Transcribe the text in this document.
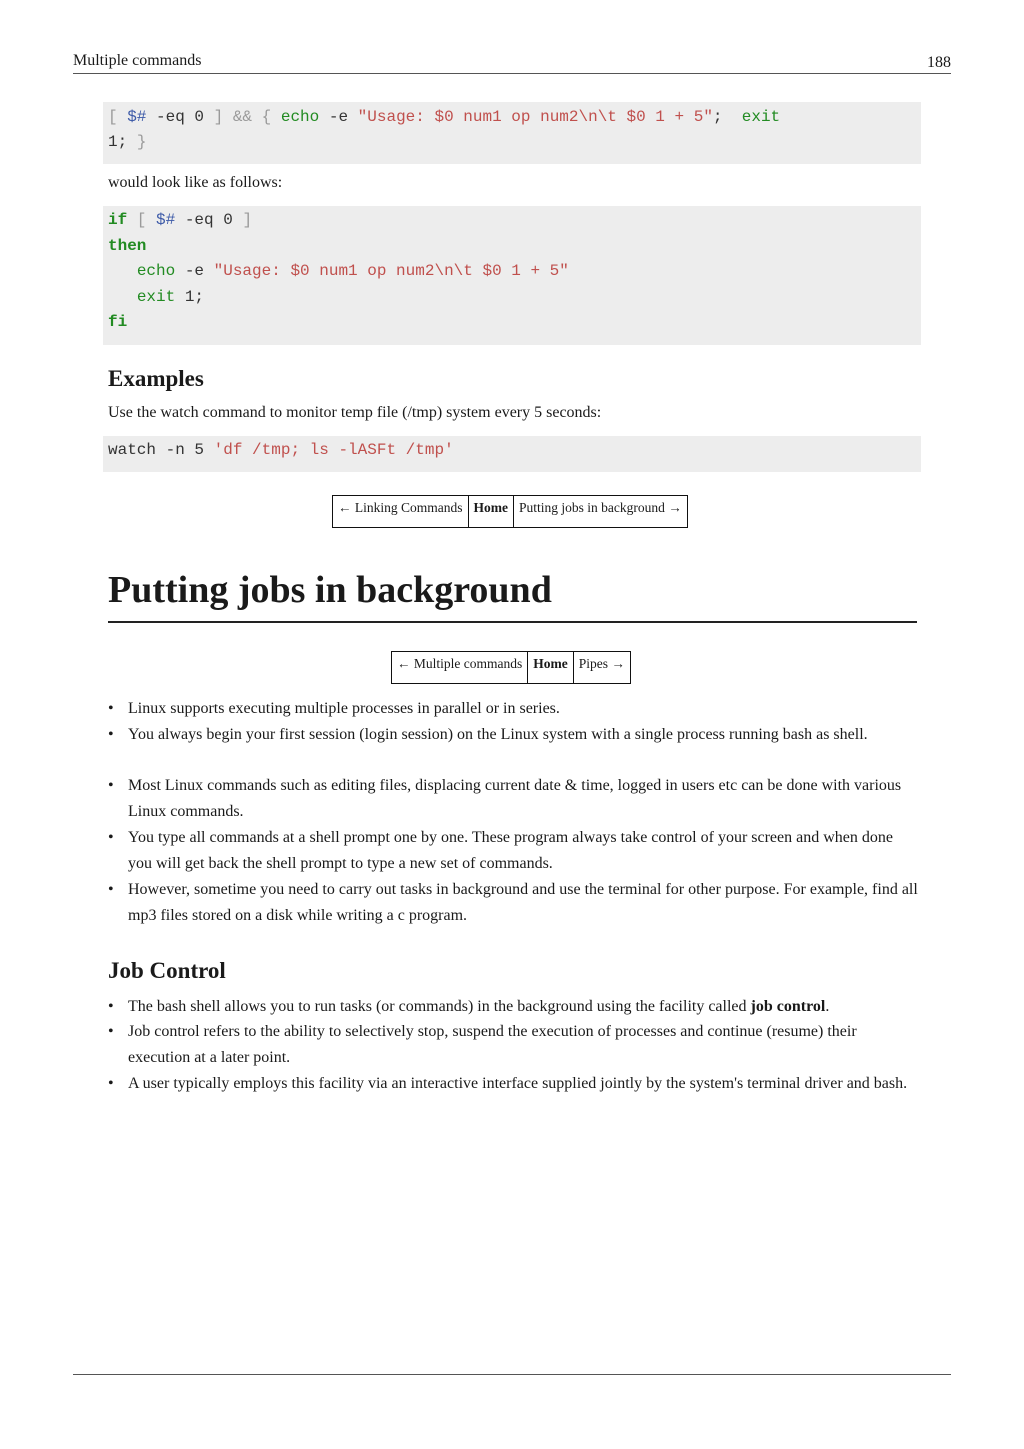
Multiple commands	188
[ $# -eq 0 ] && { echo -e "Usage: $0 num1 op num2\n\t $0 1 + 5";  exit
1; }
would look like as follows:
if [ $# -eq 0 ]
then
echo -e "Usage: $0 num1 op num2\n\t $0 1 + 5"
exit 1;
fi
Examples
Use the watch command to monitor temp file (/tmp) system every 5 seconds:
watch -n 5 'df /tmp; ls -lASFt /tmp'
← Linking Commands Home Putting jobs in background →
Putting jobs in background
← Multiple commands Home Pipes →
• Linux supports executing multiple processes in parallel or in series.
• You always begin your first session (login session) on the Linux system with a single process running bash as shell.
• Most Linux commands such as editing files, displacing current date & time, logged in users etc can be done with various Linux commands.
• You type all commands at a shell prompt one by one. These program always take control of your screen and when done you will get back the shell prompt to type a new set of commands.
• However, sometime you need to carry out tasks in background and use the terminal for other purpose. For example, find all mp3 files stored on a disk while writing a c program.
Job Control
• The bash shell allows you to run tasks (or commands) in the background using the facility called job control.
• Job control refers to the ability to selectively stop, suspend the execution of processes and continue (resume) their execution at a later point.
• A user typically employs this facility via an interactive interface supplied jointly by the system's terminal driver and bash.
